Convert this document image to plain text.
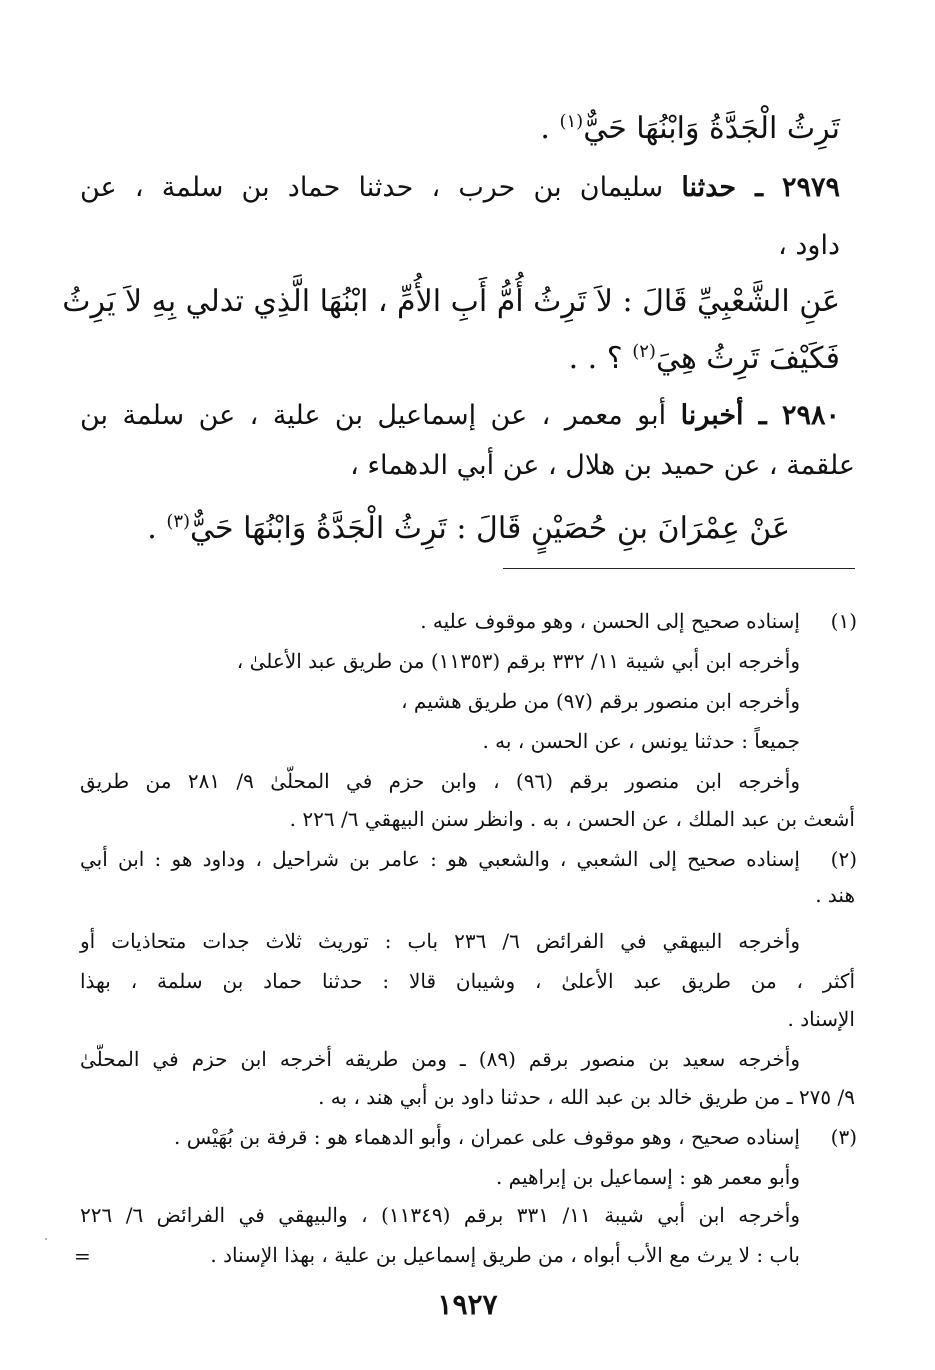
تَرِثُ الْجَدَّةُ وَابْنُهَا حَيٌّ$^{(١)}$ .
٢٩٧٩ ـ حدثنا سليمان بن حرب ، حدثنا حماد بن سلمة ، عن
داود ،
عَنِ الشَّعْبِيِّ قَالَ : لاَ تَرِثُ أُمُّ أَبِ الأُمِّ ، ابْنُهَا الَّذِي تدلي بِهِ لاَ يَرِثُ
فَكَيْفَ تَرِثُ هِيَ$^{(٢)}$ ؟ . .
٢٩٨٠ ـ أخبرنا أبو معمر ، عن إسماعيل بن علية ، عن سلمة بن
علقمة ، عن حميد بن هلال ، عن أبي الدهماء ،
عَنْ عِمْرَانَ بنِ حُصَيْنٍ قَالَ : تَرِثُ الْجَدَّةُ وَابْنُهَا حَيٌّ$^{(٣)}$ .
(١)
إسناده صحيح إلى الحسن ، وهو موقوف عليه .
وأخرجه ابن أبي شيبة ١١/ ٣٣٢ برقم (١١٣٥٣) من طريق عبد الأعلىٰ ،
وأخرجه ابن منصور برقم (٩٧) من طريق هشيم ،
جميعاً : حدثنا يونس ، عن الحسن ، به .
وأخرجه ابن منصور برقم (٩٦) ، وابن حزم في المحلّىٰ ٩/ ٢٨١ من طريق
أشعث بن عبد الملك ، عن الحسن ، به . وانظر سنن البيهقي ٦/ ٢٢٦ .
(٢)
إسناده صحيح إلى الشعبي ، والشعبي هو : عامر بن شراحيل ، وداود هو : ابن أبي
هند .
وأخرجه البيهقي في الفرائض ٦/ ٢٣٦ باب : توريث ثلاث جدات متحاذيات أو
أكثر ، من طريق عبد الأعلىٰ ، وشيبان قالا : حدثنا حماد بن سلمة ، بهذا
الإسناد .
وأخرجه سعيد بن منصور برقم (٨٩) ـ ومن طريقه أخرجه ابن حزم في المحلّىٰ
٩/ ٢٧٥ ـ من طريق خالد بن عبد الله ، حدثنا داود بن أبي هند ، به .
(٣)
إسناده صحيح ، وهو موقوف على عمران ، وأبو الدهماء هو : قرفة بن بُهَيْس .
وأبو معمر هو : إسماعيل بن إبراهيم .
وأخرجه ابن أبي شيبة ١١/ ٣٣١ برقم (١١٣٤٩) ، والبيهقي في الفرائض ٦/ ٢٢٦
باب : لا يرث مع الأب أبواه ، من طريق إسماعيل بن علية ، بهذا الإسناد .
=
١٩٢٧
